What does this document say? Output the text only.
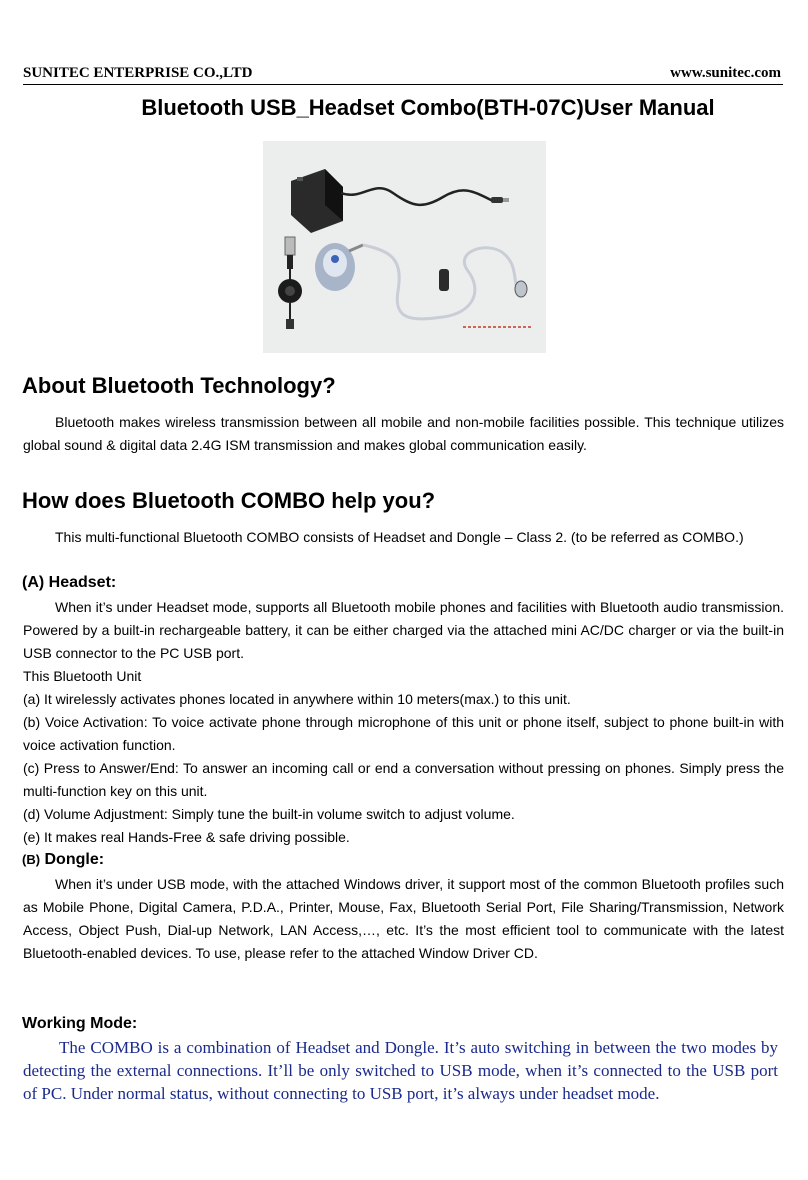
SUNITEC ENTERPRISE CO.,LTD	www.sunitec.com
Bluetooth USB_Headset Combo(BTH-07C)User Manual
About Bluetooth Technology?
Bluetooth makes wireless transmission between all mobile and non-mobile facilities possible. This technique utilizes global sound & digital data 2.4G ISM transmission and makes global communication easily.
How does Bluetooth COMBO help you?
This multi-functional Bluetooth COMBO consists of Headset and Dongle – Class 2. (to be referred as COMBO.)
(A) Headset:
When it’s under Headset mode, supports all Bluetooth mobile phones and facilities with Bluetooth audio transmission. Powered by a built-in rechargeable battery, it can be either charged via the attached mini AC/DC charger or via the built-in USB connector to the PC USB port.
This Bluetooth Unit
(a) It wirelessly activates phones located in anywhere within 10 meters(max.) to this unit.
(b) Voice Activation: To voice activate phone through microphone of this unit or phone itself, subject to phone built-in with voice activation function.
(c) Press to Answer/End: To answer an incoming call or end a conversation without pressing on phones. Simply press the multi-function key on this unit.
(d) Volume Adjustment: Simply tune the built-in volume switch to adjust volume.
(e) It makes real Hands-Free & safe driving possible.
(B) Dongle:
When it’s under USB mode, with the attached Windows driver, it support most of the common Bluetooth profiles such as Mobile Phone, Digital Camera, P.D.A., Printer, Mouse, Fax, Bluetooth Serial Port, File Sharing/Transmission, Network Access, Object Push, Dial-up Network, LAN Access,…, etc. It’s the most efficient tool to communicate with the latest Bluetooth-enabled devices. To use, please refer to the attached Window Driver CD.
Working Mode:
The COMBO is a combination of Headset and Dongle. It’s auto switching in between the two modes by detecting the external connections. It’ll be only switched to USB mode, when it’s connected to the USB port of PC. Under normal status, without connecting to USB port, it’s always under headset mode.
